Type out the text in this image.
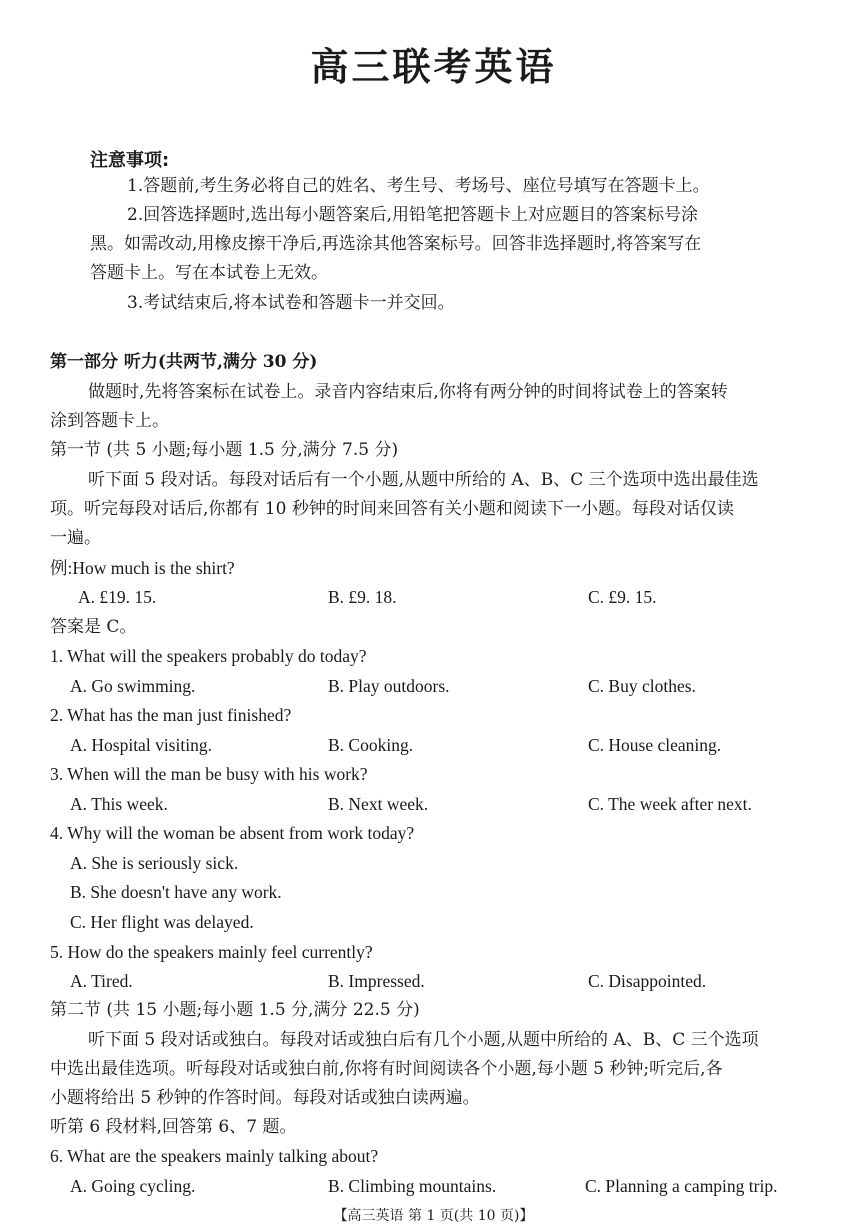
高三联考英语
注意事项:
1.答题前,考生务必将自己的姓名、考生号、考场号、座位号填写在答题卡上。
2.回答选择题时,选出每小题答案后,用铅笔把答题卡上对应题目的答案标号涂
黑。如需改动,用橡皮擦干净后,再选涂其他答案标号。回答非选择题时,将答案写在
答题卡上。写在本试卷上无效。
3.考试结束后,将本试卷和答题卡一并交回。
第一部分 听力(共两节,满分 30 分)
做题时,先将答案标在试卷上。录音内容结束后,你将有两分钟的时间将试卷上的答案转
涂到答题卡上。
第一节 (共 5 小题;每小题 1.5 分,满分 7.5 分)
听下面 5 段对话。每段对话后有一个小题,从题中所给的 A、B、C 三个选项中选出最佳选
项。听完每段对话后,你都有 10 秒钟的时间来回答有关小题和阅读下一小题。每段对话仅读
一遍。
例:How much is the shirt?
A. £19. 15.	B. £9. 18.	C. £9. 15.
答案是 C。
1. What will the speakers probably do today?
A. Go swimming.	B. Play outdoors.	C. Buy clothes.
2. What has the man just finished?
A. Hospital visiting.	B. Cooking.	C. House cleaning.
3. When will the man be busy with his work?
A. This week.	B. Next week.	C. The week after next.
4. Why will the woman be absent from work today?
A. She is seriously sick.
B. She doesn't have any work.
C. Her flight was delayed.
5. How do the speakers mainly feel currently?
A. Tired.	B. Impressed.	C. Disappointed.
第二节 (共 15 小题;每小题 1.5 分,满分 22.5 分)
听下面 5 段对话或独白。每段对话或独白后有几个小题,从题中所给的 A、B、C 三个选项
中选出最佳选项。听每段对话或独白前,你将有时间阅读各个小题,每小题 5 秒钟;听完后,各
小题将给出 5 秒钟的作答时间。每段对话或独白读两遍。
听第 6 段材料,回答第 6、7 题。
6. What are the speakers mainly talking about?
A. Going cycling.	B. Climbing mountains.	C. Planning a camping trip.
【高三英语 第 1 页(共 10 页)】
